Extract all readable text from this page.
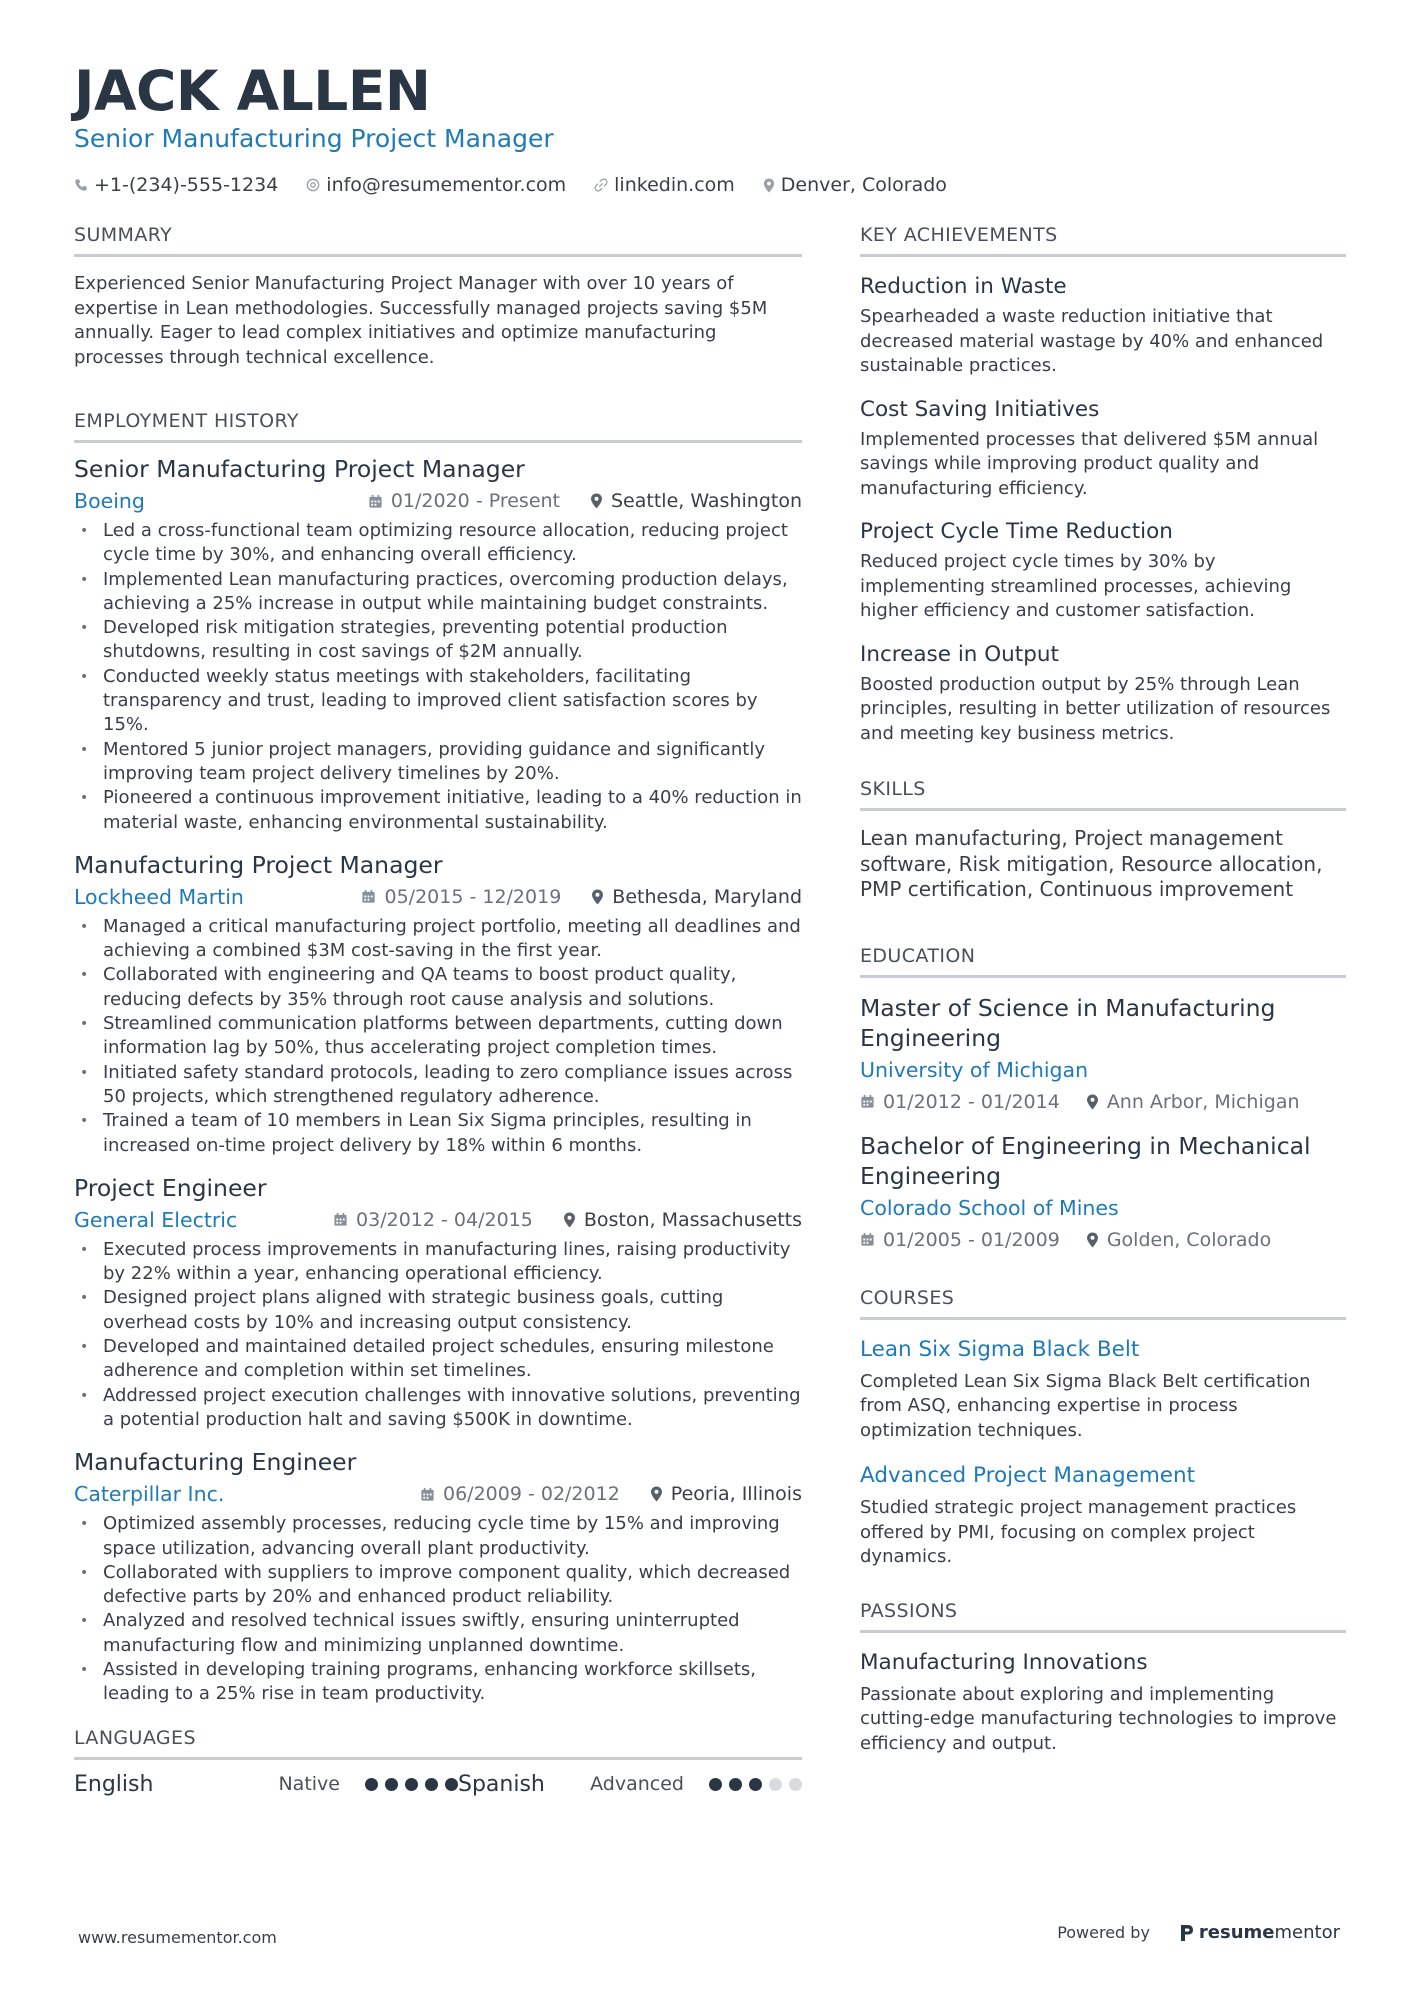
JACK ALLEN
Senior Manufacturing Project Manager
+1-(234)-555-1234	info@resumementor.com	linkedin.com Denver, Colorado
SUMMARY
Experienced Senior Manufacturing Project Manager with over 10 years of expertise in Lean methodologies. Successfully managed projects saving $5M annually. Eager to lead complex initiatives and optimize manufacturing processes through technical excellence.
EMPLOYMENT HISTORY
Senior Manufacturing Project Manager
Boeing	01/2020 - Present	Seattle, Washington
• Led a cross-functional team optimizing resource allocation, reducing project cycle time by 30%, and enhancing overall efficiency.
• Implemented Lean manufacturing practices, overcoming production delays, achieving a 25% increase in output while maintaining budget constraints.
• Developed risk mitigation strategies, preventing potential production shutdowns, resulting in cost savings of $2M annually.
• Conducted weekly status meetings with stakeholders, facilitating transparency and trust, leading to improved client satisfaction scores by 15%.
• Mentored 5 junior project managers, providing guidance and significantly improving team project delivery timelines by 20%.
• Pioneered a continuous improvement initiative, leading to a 40% reduction in material waste, enhancing environmental sustainability.
Manufacturing Project Manager
Lockheed Martin	05/2015 - 12/2019	Bethesda, Maryland
• Managed a critical manufacturing project portfolio, meeting all deadlines and achieving a combined $3M cost-saving in the first year.
• Collaborated with engineering and QA teams to boost product quality, reducing defects by 35% through root cause analysis and solutions.
• Streamlined communication platforms between departments, cutting down information lag by 50%, thus accelerating project completion times.
• Initiated safety standard protocols, leading to zero compliance issues across 50 projects, which strengthened regulatory adherence.
• Trained a team of 10 members in Lean Six Sigma principles, resulting in increased on-time project delivery by 18% within 6 months.
Project Engineer
General Electric	03/2012 - 04/2015	Boston, Massachusetts
• Executed process improvements in manufacturing lines, raising productivity by 22% within a year, enhancing operational efficiency.
• Designed project plans aligned with strategic business goals, cutting overhead costs by 10% and increasing output consistency.
• Developed and maintained detailed project schedules, ensuring milestone adherence and completion within set timelines.
• Addressed project execution challenges with innovative solutions, preventing a potential production halt and saving $500K in downtime.
Manufacturing Engineer
Caterpillar Inc.	06/2009 - 02/2012	Peoria, Illinois
• Optimized assembly processes, reducing cycle time by 15% and improving space utilization, advancing overall plant productivity.
• Collaborated with suppliers to improve component quality, which decreased defective parts by 20% and enhanced product reliability.
• Analyzed and resolved technical issues swiftly, ensuring uninterrupted manufacturing flow and minimizing unplanned downtime.
• Assisted in developing training programs, enhancing workforce skillsets, leading to a 25% rise in team productivity.
LANGUAGES
English	Native	Spanish	Advanced
KEY ACHIEVEMENTS
Reduction in Waste
Spearheaded a waste reduction initiative that decreased material wastage by 40% and enhanced sustainable practices.
Cost Saving Initiatives
Implemented processes that delivered $5M annual savings while improving product quality and manufacturing efficiency.
Project Cycle Time Reduction
Reduced project cycle times by 30% by implementing streamlined processes, achieving higher efficiency and customer satisfaction.
Increase in Output
Boosted production output by 25% through Lean principles, resulting in better utilization of resources and meeting key business metrics.
SKILLS
Lean manufacturing, Project management software, Risk mitigation, Resource allocation, PMP certification, Continuous improvement
EDUCATION
Master of Science in Manufacturing Engineering
University of Michigan
01/2012 - 01/2014 Ann Arbor, Michigan
Bachelor of Engineering in Mechanical Engineering
Colorado School of Mines
01/2005 - 01/2009 Golden, Colorado
COURSES
Lean Six Sigma Black Belt
Completed Lean Six Sigma Black Belt certification from ASQ, enhancing expertise in process optimization techniques.
Advanced Project Management
Studied strategic project management practices offered by PMI, focusing on complex project dynamics.
PASSIONS
Manufacturing Innovations
Passionate about exploring and implementing cutting-edge manufacturing technologies to improve efficiency and output.
www.resumementor.com	Powered by	resume mentor
